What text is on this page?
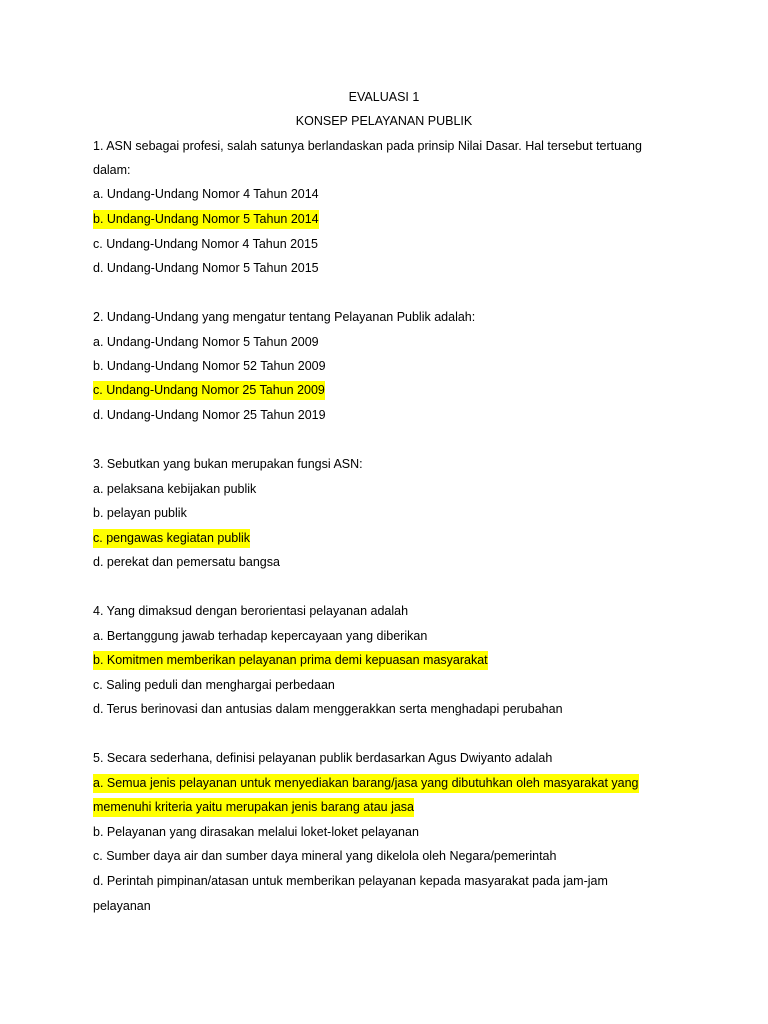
EVALUASI 1
KONSEP PELAYANAN PUBLIK
1. ASN sebagai profesi, salah satunya berlandaskan pada prinsip Nilai Dasar. Hal tersebut tertuang
dalam:
a. Undang-Undang Nomor 4 Tahun 2014
b. Undang-Undang Nomor 5 Tahun 2014
c. Undang-Undang Nomor 4 Tahun 2015
d. Undang-Undang Nomor 5 Tahun 2015
2. Undang-Undang yang mengatur tentang Pelayanan Publik adalah:
a. Undang-Undang Nomor 5 Tahun 2009
b. Undang-Undang Nomor 52 Tahun 2009
c. Undang-Undang Nomor 25 Tahun 2009
d. Undang-Undang Nomor 25 Tahun 2019
3. Sebutkan yang bukan merupakan fungsi ASN:
a. pelaksana kebijakan publik
b. pelayan publik
c. pengawas kegiatan publik
d. perekat dan pemersatu bangsa
4. Yang dimaksud dengan berorientasi pelayanan adalah
a. Bertanggung jawab terhadap kepercayaan yang diberikan
b. Komitmen memberikan pelayanan prima demi kepuasan masyarakat
c. Saling peduli dan menghargai perbedaan
d. Terus berinovasi dan antusias dalam menggerakkan serta menghadapi perubahan
5. Secara sederhana, definisi pelayanan publik berdasarkan Agus Dwiyanto adalah
a. Semua jenis pelayanan untuk menyediakan barang/jasa yang dibutuhkan oleh masyarakat yang
memenuhi kriteria yaitu merupakan jenis barang atau jasa
b. Pelayanan yang dirasakan melalui loket-loket pelayanan
c. Sumber daya air dan sumber daya mineral yang dikelola oleh Negara/pemerintah
d. Perintah pimpinan/atasan untuk memberikan pelayanan kepada masyarakat pada jam-jam
pelayanan
